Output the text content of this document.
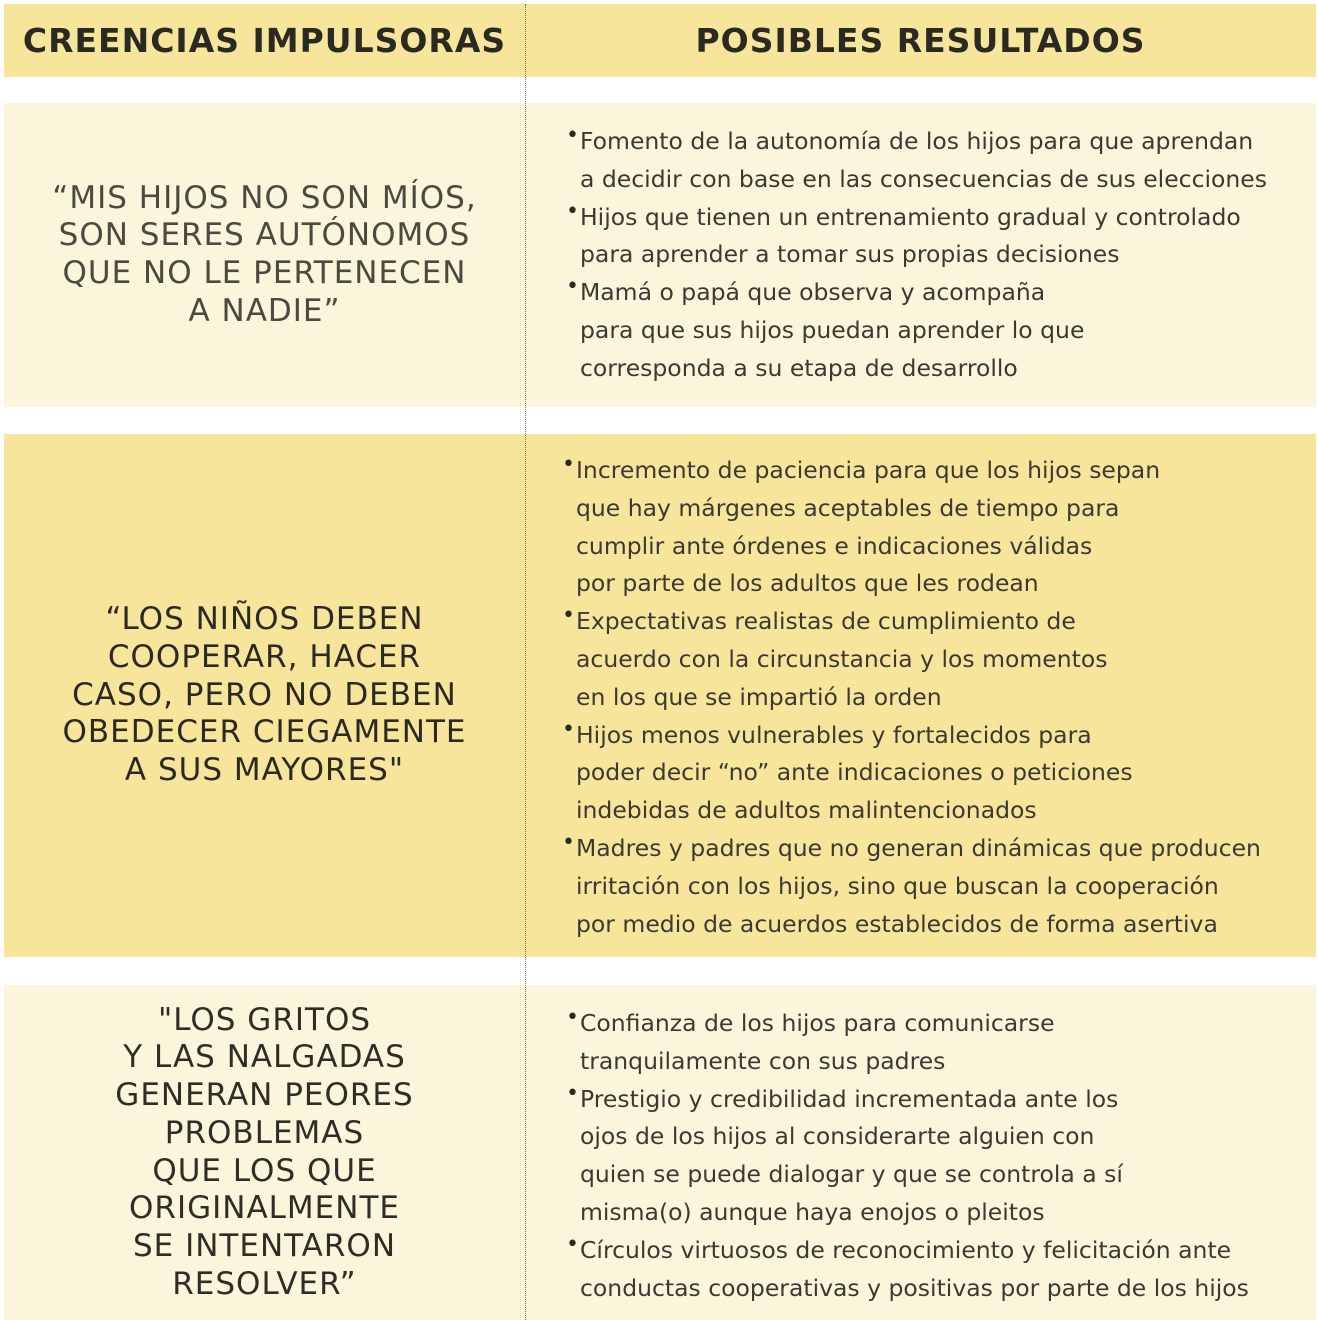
CREENCIAS IMPULSORAS	POSIBLES RESULTADOS
“MIS HIJOS NO SON MÍOS,
SON SERES AUTÓNOMOS
QUE NO LE PERTENECEN
A NADIE”
• Fomento de la autonomía de los hijos para que aprendan
a decidir con base en las consecuencias de sus elecciones
• Hijos que tienen un entrenamiento gradual y controlado
para aprender a tomar sus propias decisiones
• Mamá o papá que observa y acompaña
para que sus hijos puedan aprender lo que
corresponda a su etapa de desarrollo
“LOS NIÑOS DEBEN
COOPERAR, HACER
CASO, PERO NO DEBEN
OBEDECER CIEGAMENTE
A SUS MAYORES"
• Incremento de paciencia para que los hijos sepan
que hay márgenes aceptables de tiempo para
cumplir ante órdenes e indicaciones válidas
por parte de los adultos que les rodean
• Expectativas realistas de cumplimiento de
acuerdo con la circunstancia y los momentos
en los que se impartió la orden
• Hijos menos vulnerables y fortalecidos para
poder decir “no” ante indicaciones o peticiones
indebidas de adultos malintencionados
• Madres y padres que no generan dinámicas que producen
irritación con los hijos, sino que buscan la cooperación
por medio de acuerdos establecidos de forma asertiva
"LOS GRITOS
Y LAS NALGADAS
GENERAN PEORES
PROBLEMAS
QUE LOS QUE
ORIGINALMENTE
SE INTENTARON
RESOLVER”
• Confianza de los hijos para comunicarse
tranquilamente con sus padres
• Prestigio y credibilidad incrementada ante los
ojos de los hijos al considerarte alguien con
quien se puede dialogar y que se controla a sí
misma(o) aunque haya enojos o pleitos
• Círculos virtuosos de reconocimiento y felicitación ante
conductas cooperativas y positivas por parte de los hijos
